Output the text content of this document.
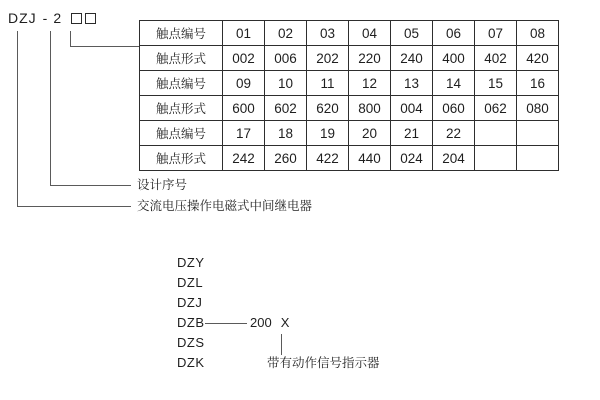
DZJ - 2
触点编号	01	02	03	04	05	06	07	08
触点形式	002	006	202	220	240	400	402	420
触点编号	09	10	11	12	13	14	15	16
触点形式	600	602	620	800	004	060	062	080
触点编号	17	18	19	20	21	22		
触点形式	242	260	422	440	024	204		
设计序号
交流电压操作电磁式中间继电器
DZY
DZL
DZJ
DZB
DZS
DZK
200 X
带有动作信号指示器
